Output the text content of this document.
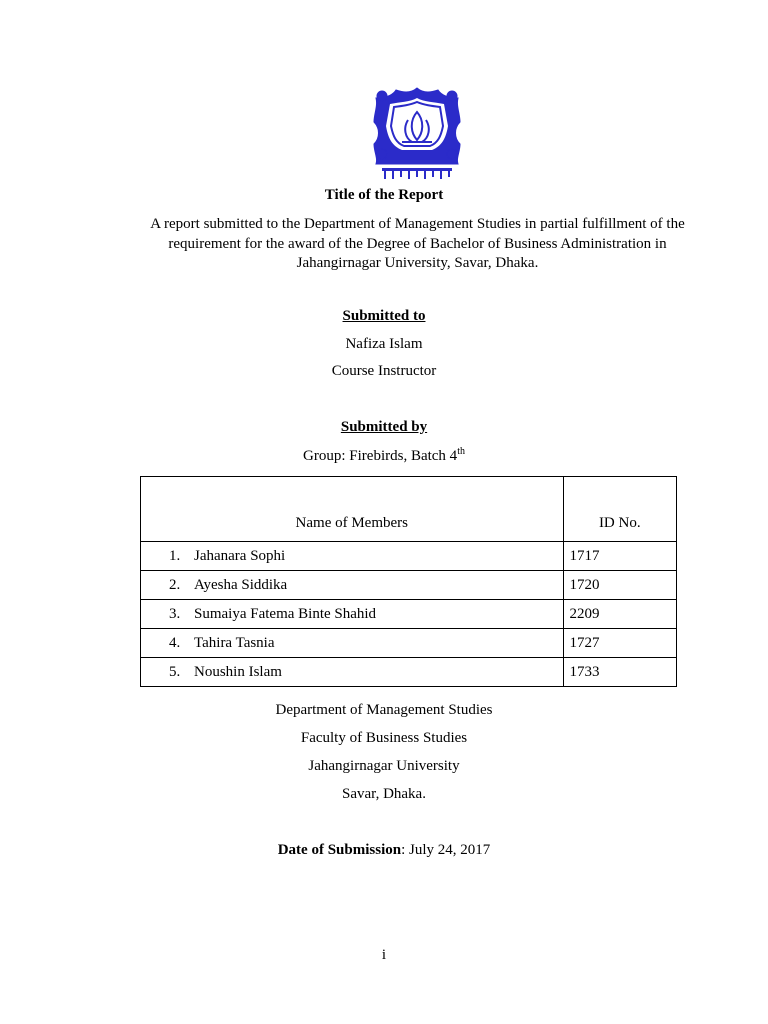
Title of the Report
A report submitted to the Department of Management Studies in partial fulfillment of the
requirement for the award of the Degree of Bachelor of Business Administration in
Jahangirnagar University, Savar, Dhaka.
Submitted to
Nafiza Islam
Course Instructor
Submitted by
Group: Firebirds, Batch 4th
Name of Members	ID No.
1. Jahanara Sophi	1717
2. Ayesha Siddika	1720
3. Sumaiya Fatema Binte Shahid	2209
4. Tahira Tasnia	1727
5. Noushin Islam	1733
Department of Management Studies
Faculty of Business Studies
Jahangirnagar University
Savar, Dhaka.
Date of Submission: July 24, 2017
i
